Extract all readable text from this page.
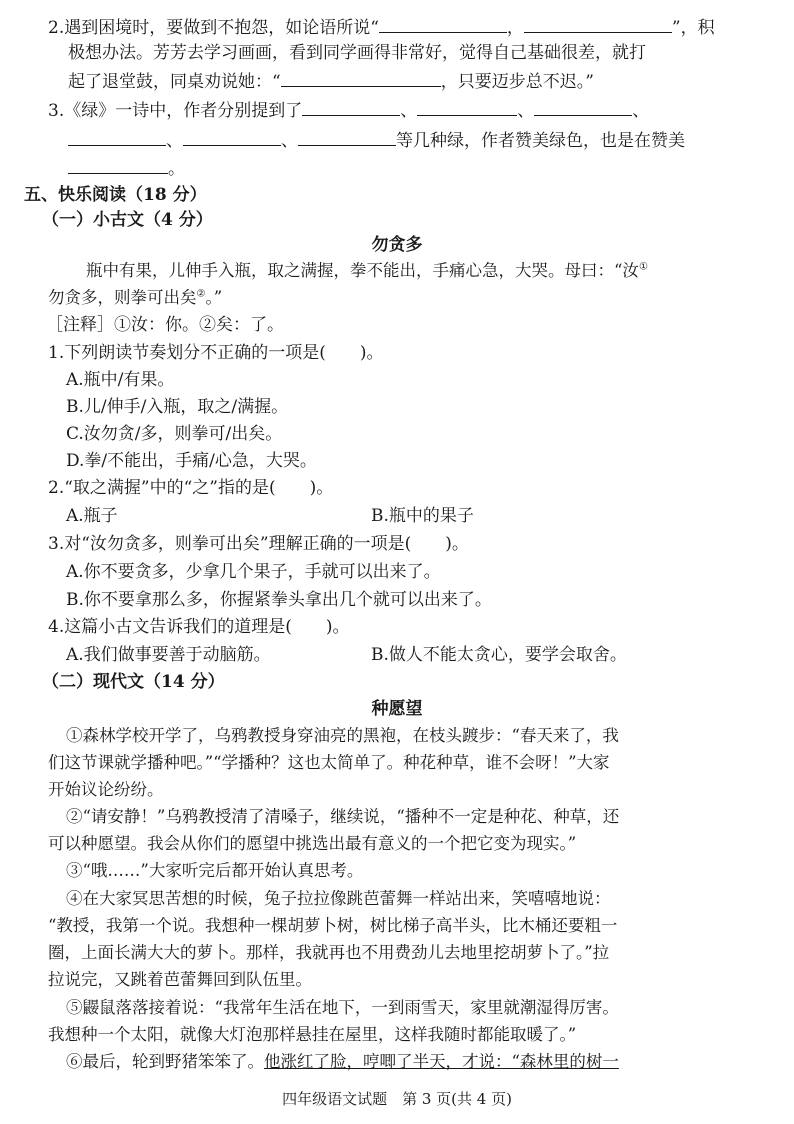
2.遇到困境时，要做到不抱怨，如论语所说“	，	”，积
极想办法。芳芳去学习画画，看到同学画得非常好，觉得自己基础很差，就打
起了退堂鼓，同桌劝说她：“	，只要迈步总不迟。”
3.《绿》一诗中，作者分别提到了	、	、	、
、	、	等几种绿，作者赞美绿色，也是在赞美
。
五、快乐阅读（18 分）
（一）小古文（4 分）
勿贪多
瓶中有果，儿伸手入瓶，取之满握，拳不能出，手痛心急，大哭。母曰：“汝①
勿贪多，则拳可出矣②。”
［注释］①汝：你。②矣：了。
1.下列朗读节奏划分不正确的一项是( )。
A.瓶中/有果。
B.儿/伸手/入瓶，取之/满握。
C.汝勿贪/多，则拳可/出矣。
D.拳/不能出，手痛/心急，大哭。
2.“取之满握”中的“之”指的是( )。
A.瓶子	B.瓶中的果子
3.对“汝勿贪多，则拳可出矣”理解正确的一项是( )。
A.你不要贪多，少拿几个果子，手就可以出来了。
B.你不要拿那么多，你握紧拳头拿出几个就可以出来了。
4.这篇小古文告诉我们的道理是( )。
A.我们做事要善于动脑筋。	B.做人不能太贪心，要学会取舍。
（二）现代文（14 分）
种愿望
①森林学校开学了，乌鸦教授身穿油亮的黑袍，在枝头踱步：“春天来了，我
们这节课就学播种吧。”“学播种？这也太简单了。种花种草，谁不会呀！”大家
开始议论纷纷。
②“请安静！”乌鸦教授清了清嗓子，继续说，“播种不一定是种花、种草，还
可以种愿望。我会从你们的愿望中挑选出最有意义的一个把它变为现实。”
③“哦……”大家听完后都开始认真思考。
④在大家冥思苦想的时候，兔子拉拉像跳芭蕾舞一样站出来，笑嘻嘻地说：
“教授，我第一个说。我想种一棵胡萝卜树，树比梯子高半头，比木桶还要粗一
圈，上面长满大大的萝卜。那样，我就再也不用费劲儿去地里挖胡萝卜了。”拉
拉说完，又跳着芭蕾舞回到队伍里。
⑤鼹鼠落落接着说：“我常年生活在地下，一到雨雪天，家里就潮湿得厉害。
我想种一个太阳，就像大灯泡那样悬挂在屋里，这样我随时都能取暖了。”
⑥最后，轮到野猪笨笨了。他涨红了脸，哼唧了半天，才说：“森林里的树一
四年级语文试题　第 3 页(共 4 页)
